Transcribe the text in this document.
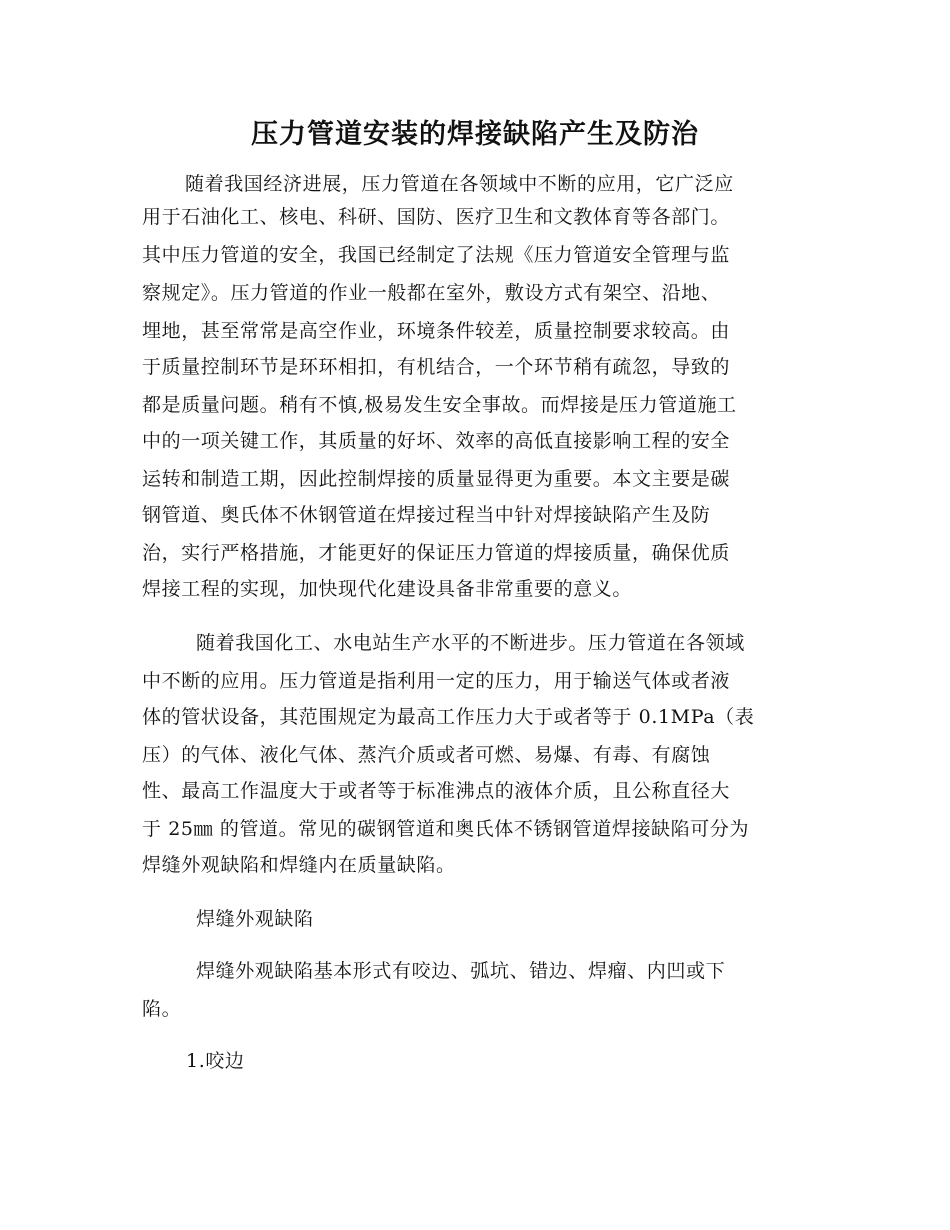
压力管道安装的焊接缺陷产生及防治
随着我国经济进展，压力管道在各领域中不断的应用，它广泛应
用于石油化工、核电、科研、国防、医疗卫生和文教体育等各部门。
其中压力管道的安全，我国已经制定了法规《压力管道安全管理与监
察规定》。压力管道的作业一般都在室外，敷设方式有架空、沿地、
埋地，甚至常常是高空作业，环境条件较差，质量控制要求较高。由
于质量控制环节是环环相扣，有机结合，一个环节稍有疏忽，导致的
都是质量问题。稍有不慎,极易发生安全事故。而焊接是压力管道施工
中的一项关键工作，其质量的好坏、效率的高低直接影响工程的安全
运转和制造工期，因此控制焊接的质量显得更为重要。本文主要是碳
钢管道、奥氏体不休钢管道在焊接过程当中针对焊接缺陷产生及防
治，实行严格措施，才能更好的保证压力管道的焊接质量，确保优质
焊接工程的实现，加快现代化建设具备非常重要的意义。
随着我国化工、水电站生产水平的不断进步。压力管道在各领域
中不断的应用。压力管道是指利用一定的压力，用于输送气体或者液
体的管状设备，其范围规定为最高工作压力大于或者等于 0.1MPa（表
压）的气体、液化气体、蒸汽介质或者可燃、易爆、有毒、有腐蚀
性、最高工作温度大于或者等于标准沸点的液体介质，且公称直径大
于 25㎜ 的管道。常见的碳钢管道和奥氏体不锈钢管道焊接缺陷可分为
焊缝外观缺陷和焊缝内在质量缺陷。
焊缝外观缺陷
焊缝外观缺陷基本形式有咬边、弧坑、错边、焊瘤、内凹或下
陷。
1.咬边
